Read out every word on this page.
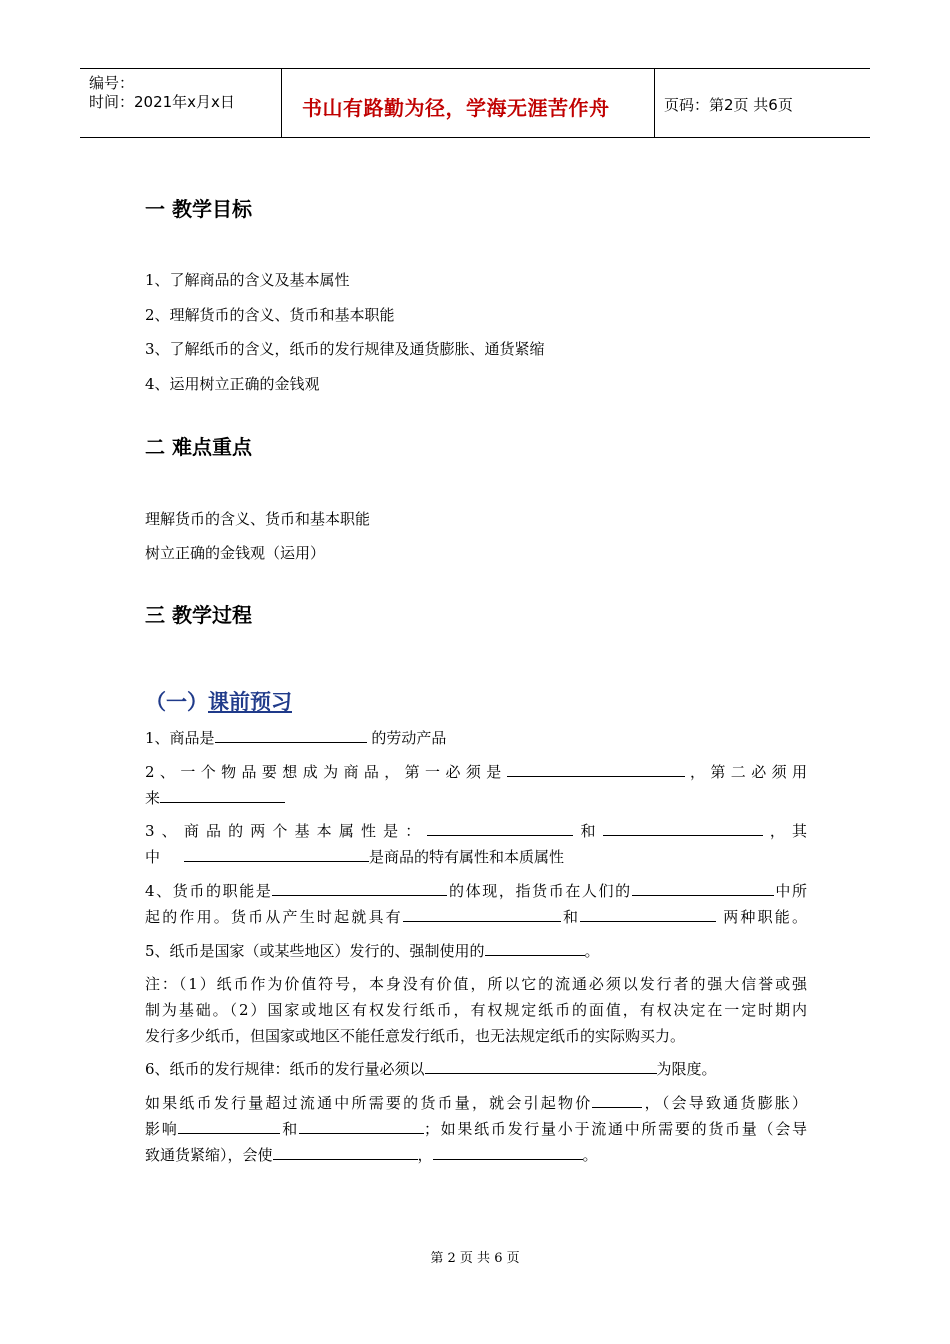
编号：
时间：2021年x月x日	书山有路勤为径，学海无涯苦作舟	页码：第2页 共6页
一 教学目标
1、了解商品的含义及基本属性
2、理解货币的含义、货币和基本职能
3、了解纸币的含义，纸币的发行规律及通货膨胀、通货紧缩
4、运用树立正确的金钱观
二 难点重点
理解货币的含义、货币和基本职能
树立正确的金钱观（运用）
三 教学过程
（一）课前预习
1、商品是	的劳动产品
2、一个物品要想成为商品，第一必须是	，第二必须用
来
3、商品的两个基本属性是：	和	，其
中	是商品的特有属性和本质属性
4、货币的职能是	的体现，指货币在人们的	中所
起的作用。货币从产生时起就具有	和	两种职能。
5、纸币是国家（或某些地区）发行的、强制使用的	。
注：（1）纸币作为价值符号，本身没有价值，所以它的流通必须以发行者的强大信誉或强
制为基础。（2）国家或地区有权发行纸币，有权规定纸币的面值，有权决定在一定时期内
发行多少纸币，但国家或地区不能任意发行纸币，也无法规定纸币的实际购买力。
6、纸币的发行规律：纸币的发行量必须以	为限度。
如果纸币发行量超过流通中所需要的货币量，就会引起物价	，（会导致通货膨胀）
影响	和	；如果纸币发行量小于流通中所需要的货币量（会导
致通货紧缩），会使	，	。
第 2 页 共 6 页
